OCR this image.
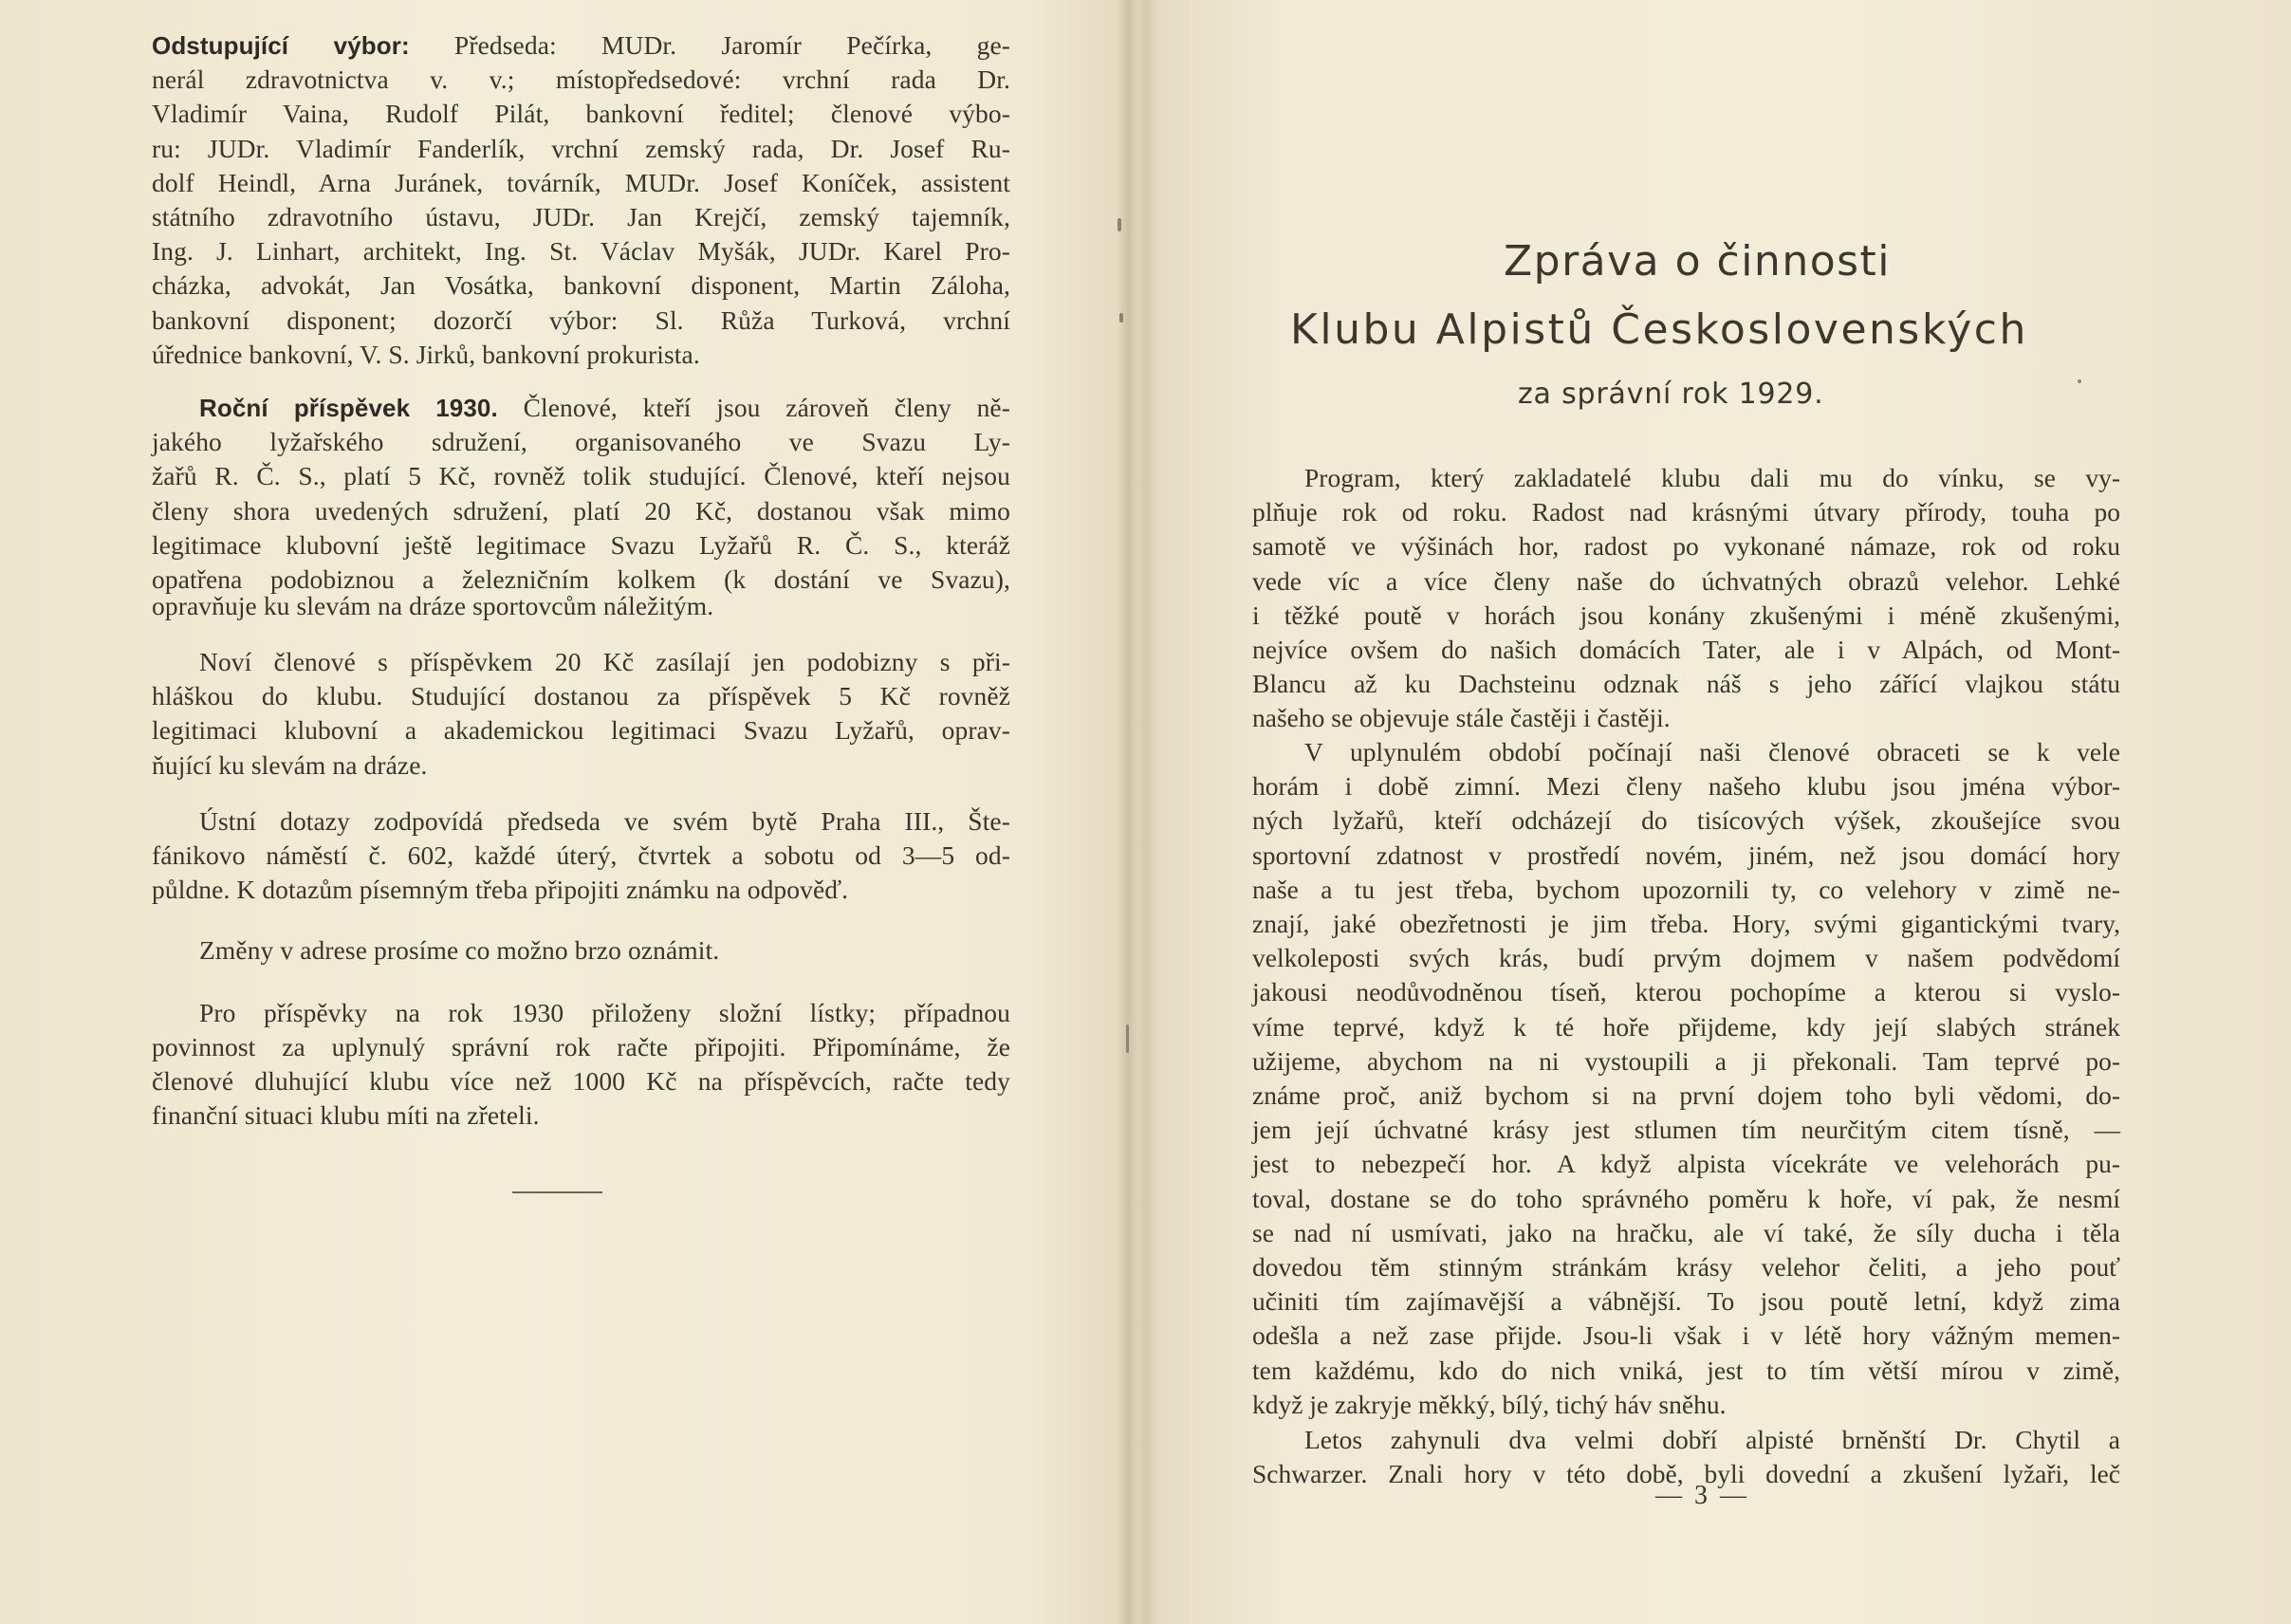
Odstupující výbor: Předseda: MUDr. Jaromír Pečírka, ge-
nerál zdravotnictva v. v.; místopředsedové: vrchní rada Dr.
Vladimír Vaina, Rudolf Pilát, bankovní ředitel; členové výbo-
ru: JUDr. Vladimír Fanderlík, vrchní zemský rada, Dr. Josef Ru-
dolf Heindl, Arna Juránek, továrník, MUDr. Josef Koníček, assistent
státního zdravotního ústavu, JUDr. Jan Krejčí, zemský tajemník,
Ing. J. Linhart, architekt, Ing. St. Václav Myšák, JUDr. Karel Pro-
cházka, advokát, Jan Vosátka, bankovní disponent, Martin Záloha,
bankovní disponent; dozorčí výbor: Sl. Růža Turková, vrchní
úřednice bankovní, V. S. Jirků, bankovní prokurista.
Roční příspěvek 1930. Členové, kteří jsou zároveň členy ně-
jakého lyžařského sdružení, organisovaného ve Svazu Ly-
žařů R. Č. S., platí 5 Kč, rovněž tolik studující. Členové, kteří nejsou
členy shora uvedených sdružení, platí 20 Kč, dostanou však mimo
legitimace klubovní ještě legitimace Svazu Lyžařů R. Č. S., kteráž
opatřena podobiznou a železničním kolkem (k dostání ve Svazu),
opravňuje ku slevám na dráze sportovcům náležitým.
Noví členové s příspěvkem 20 Kč zasílají jen podobizny s při-
hláškou do klubu. Studující dostanou za příspěvek 5 Kč rovněž
legitimaci klubovní a akademickou legitimaci Svazu Lyžařů, oprav-
ňující ku slevám na dráze.
Ústní dotazy zodpovídá předseda ve svém bytě Praha III., Šte-
fánikovo náměstí č. 602, každé úterý, čtvrtek a sobotu od 3—5 od-
půldne. K dotazům písemným třeba připojiti známku na odpověď.
Změny v adrese prosíme co možno brzo oznámit.
Pro příspěvky na rok 1930 přiloženy složní lístky; případnou
povinnost za uplynulý správní rok račte připojiti. Připomínáme, že
členové dluhující klubu více než 1000 Kč na příspěvcích, račte tedy
finanční situaci klubu míti na zřeteli.
Zpráva o činnosti
Klubu Alpistů Československých
za správní rok 1929.
Program, který zakladatelé klubu dali mu do vínku, se vy-
plňuje rok od roku. Radost nad krásnými útvary přírody, touha po
samotě ve výšinách hor, radost po vykonané námaze, rok od roku
vede víc a více členy naše do úchvatných obrazů velehor. Lehké
i těžké poutě v horách jsou konány zkušenými i méně zkušenými,
nejvíce ovšem do našich domácích Tater, ale i v Alpách, od Mont-
Blancu až ku Dachsteinu odznak náš s jeho zářící vlajkou státu
našeho se objevuje stále častěji i častěji.
V uplynulém období počínají naši členové obraceti se k vele
horám i době zimní. Mezi členy našeho klubu jsou jména výbor-
ných lyžařů, kteří odcházejí do tisícových výšek, zkoušejíce svou
sportovní zdatnost v prostředí novém, jiném, než jsou domácí hory
naše a tu jest třeba, bychom upozornili ty, co velehory v zimě ne-
znají, jaké obezřetnosti je jim třeba. Hory, svými gigantickými tvary,
velkoleposti svých krás, budí prvým dojmem v našem podvědomí
jakousi neodůvodněnou tíseň, kterou pochopíme a kterou si vyslo-
víme teprvé, když k té hoře přijdeme, kdy její slabých stránek
užijeme, abychom na ni vystoupili a ji překonali. Tam teprvé po-
známe proč, aniž bychom si na první dojem toho byli vědomi, do-
jem její úchvatné krásy jest stlumen tím neurčitým citem tísně, —
jest to nebezpečí hor. A když alpista vícekráte ve velehorách pu-
toval, dostane se do toho správného poměru k hoře, ví pak, že nesmí
se nad ní usmívati, jako na hračku, ale ví také, že síly ducha i těla
dovedou těm stinným stránkám krásy velehor čeliti, a jeho pouť
učiniti tím zajímavější a vábnější. To jsou poutě letní, když zima
odešla a než zase přijde. Jsou-li však i v létě hory vážným memen-
tem každému, kdo do nich vniká, jest to tím větší mírou v zimě,
když je zakryje měkký, bílý, tichý háv sněhu.
Letos zahynuli dva velmi dobří alpisté brněnští Dr. Chytil a
Schwarzer. Znali hory v této době, byli dovední a zkušení lyžaři, leč

— 3 —
